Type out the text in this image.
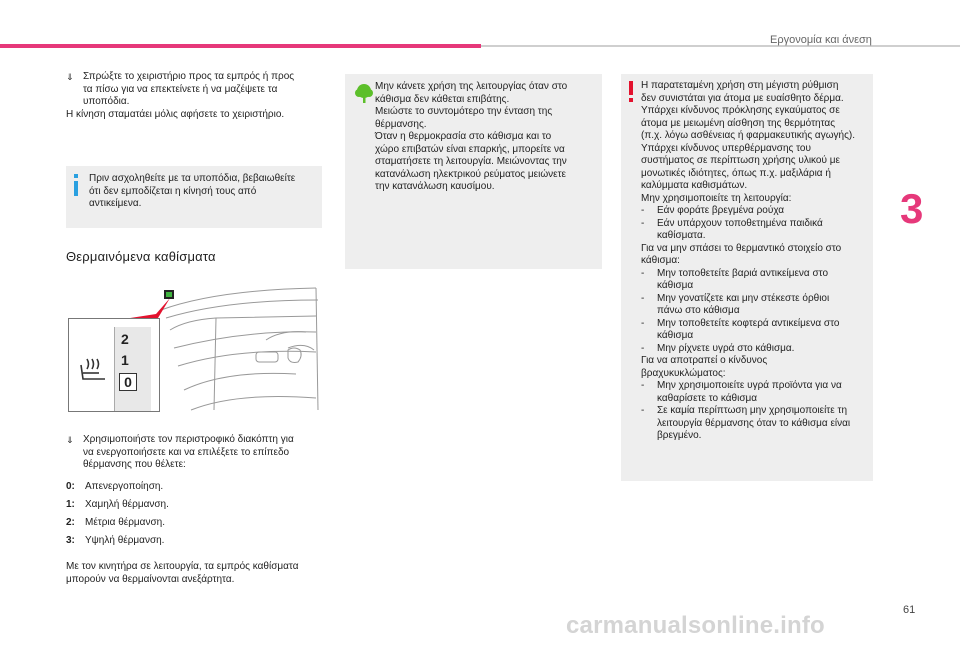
Εργονομία και άνεση
3
⇓ Σπρώξτε το χειριστήριο προς τα εμπρός ή προς
τα πίσω για να επεκτείνετε ή να μαζέψετε τα
υποπόδια.
Η κίνηση σταματάει μόλις αφήσετε το χειριστήριο.
Πριν ασχοληθείτε με τα υποπόδια, βεβαιωθείτε
ότι δεν εμποδίζεται η κίνησή τους από
αντικείμενα.
Θερμαινόμενα καθίσματα
2
1
0
⇓ Χρησιμοποιήστε τον περιστροφικό διακόπτη για
να ενεργοποιήσετε και να επιλέξετε το επίπεδο
θέρμανσης που θέλετε:
0:	Απενεργοποίηση.
1:	Χαμηλή θέρμανση.
2:	Μέτρια θέρμανση.
3:	Υψηλή θέρμανση.
Με τον κινητήρα σε λειτουργία, τα εμπρός καθίσματα
μπορούν να θερμαίνονται ανεξάρτητα.
Μην κάνετε χρήση της λειτουργίας όταν στο
κάθισμα δεν κάθεται επιβάτης.
Μειώστε το συντομότερο την ένταση της
θέρμανσης.
Όταν η θερμοκρασία στο κάθισμα και το
χώρο επιβατών είναι επαρκής, μπορείτε να
σταματήσετε τη λειτουργία. Μειώνοντας την
κατανάλωση ηλεκτρικού ρεύματος μειώνετε
την κατανάλωση καυσίμου.
Η παρατεταμένη χρήση στη μέγιστη ρύθμιση
δεν συνιστάται για άτομα με ευαίσθητο δέρμα.
Υπάρχει κίνδυνος πρόκλησης εγκαύματος σε
άτομα με μειωμένη αίσθηση της θερμότητας
(π.χ. λόγω ασθένειας ή φαρμακευτικής αγωγής).
Υπάρχει κίνδυνος υπερθέρμανσης του
συστήματος σε περίπτωση χρήσης υλικού με
μονωτικές ιδιότητες, όπως π.χ. μαξιλάρια ή
καλύμματα καθισμάτων.
Μην χρησιμοποιείτε τη λειτουργία:
- Εάν φοράτε βρεγμένα ρούχα
- Εάν υπάρχουν τοποθετημένα παιδικά
καθίσματα.
Για να μην σπάσει το θερμαντικό στοιχείο στο
κάθισμα:
- Μην τοποθετείτε βαριά αντικείμενα στο
κάθισμα
- Μην γονατίζετε και μην στέκεστε όρθιοι
πάνω στο κάθισμα
- Μην τοποθετείτε κοφτερά αντικείμενα στο
κάθισμα
- Μην ρίχνετε υγρά στο κάθισμα.
Για να αποτραπεί ο κίνδυνος
βραχυκυκλώματος:
- Μην χρησιμοποιείτε υγρά προϊόντα για να
καθαρίσετε το κάθισμα
- Σε καμία περίπτωση μην χρησιμοποιείτε τη
λειτουργία θέρμανσης όταν το κάθισμα είναι
βρεγμένο.
61
carmanualsonline.info
